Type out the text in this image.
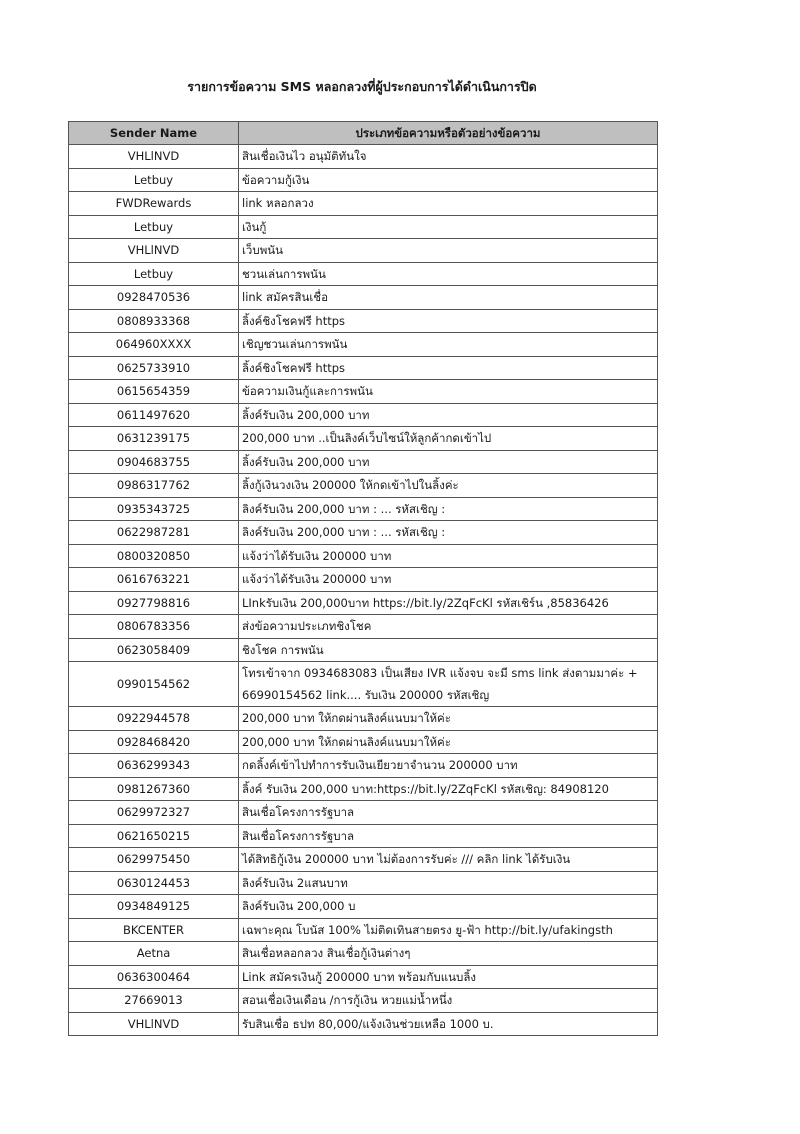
รายการข้อความ SMS หลอกลวงที่ผู้ประกอบการได้ดำเนินการปิด
Sender Name	ประเภทข้อความหรือตัวอย่างข้อความ
VHLlNVD	สินเชื่อเงินไว อนุมัติทันใจ
Letbuy	ข้อความกู้เงิน
FWDRewards	link หลอกลวง
Letbuy	เงินกู้
VHLlNVD	เว็บพนัน
Letbuy	ชวนเล่นการพนัน
0928470536	link สมัครสินเชื่อ
0808933368	ลิ้งค์ชิงโชคฟรี https
064960XXXX	เชิญชวนเล่นการพนัน
0625733910	ลิ้งค์ชิงโชคฟรี https
0615654359	ข้อความเงินกู้และการพนัน
0611497620	ลิ้งค์รับเงิน 200,000 บาท
0631239175	200,000 บาท ..เป็นลิงค์เว็บไซน์ให้ลูกค้ากดเข้าไป
0904683755	ลิ้งค์รับเงิน 200,000 บาท
0986317762	ลิ้งกู้เงินวงเงิน 200000 ให้กดเข้าไปในลิ้งค่ะ
0935343725	ลิงค์รับเงิน 200,000 บาท : ... รหัสเชิญ :
0622987281	ลิงค์รับเงิน 200,000 บาท : ... รหัสเชิญ :
0800320850	แจ้งว่าได้รับเงิน 200000 บาท
0616763221	แจ้งว่าได้รับเงิน 200000 บาท
0927798816	LInkรับเงิน 200,000บาท https://bit.ly/2ZqFcKl รหัสเชิร์น ,85836426
0806783356	ส่งข้อความประเภทชิงโชค
0623058409	ชิงโชค การพนัน
0990154562	โทรเข้าจาก 0934683083 เป็นเสียง IVR แจ้งจบ จะมี sms link ส่งตามมาค่ะ +
66990154562 link.... รับเงิน 200000 รหัสเชิญ

0922944578	200,000 บาท ให้กดผ่านลิงค์แนบมาให้ค่ะ
0928468420	200,000 บาท ให้กดผ่านลิงค์แนบมาให้ค่ะ
0636299343	กดลิ้งค์เข้าไปทำการรับเงินเยียวยาจำนวน 200000 บาท
0981267360	ลิ้งค์ รับเงิน 200,000 บาท:https://bit.ly/2ZqFcKl รหัสเชิญ: 84908120
0629972327	สินเชื่อโครงการรัฐบาล
0621650215	สินเชื่อโครงการรัฐบาล
0629975450	ได้สิทธิกู้เงิน 200000 บาท ไม่ต้องการรับค่ะ /// คลิก link ได้รับเงิน
0630124453	ลิงค์รับเงิน 2แสนบาท
0934849125	ลิงค์รับเงิน 200,000 บ
BKCENTER	เฉพาะคุณ โบนัส 100% ไม่ติดเทินสายตรง ยู-ฟ้า http://bit.ly/ufakingsth
Aetna	สินเชื่อหลอกลวง สินเชื่อกู้เงินต่างๆ
0636300464	Link สมัครเงินกู้ 200000 บาท พร้อมกับแนบลิ้ง
27669013	สอนเชื่อเงินเดือน /การกู้เงิน หวยแม่น้ำหนึ่ง
VHLlNVD	รับสินเชื่อ ธปท 80,000/แจ้งเงินช่วยเหลือ 1000 บ.
